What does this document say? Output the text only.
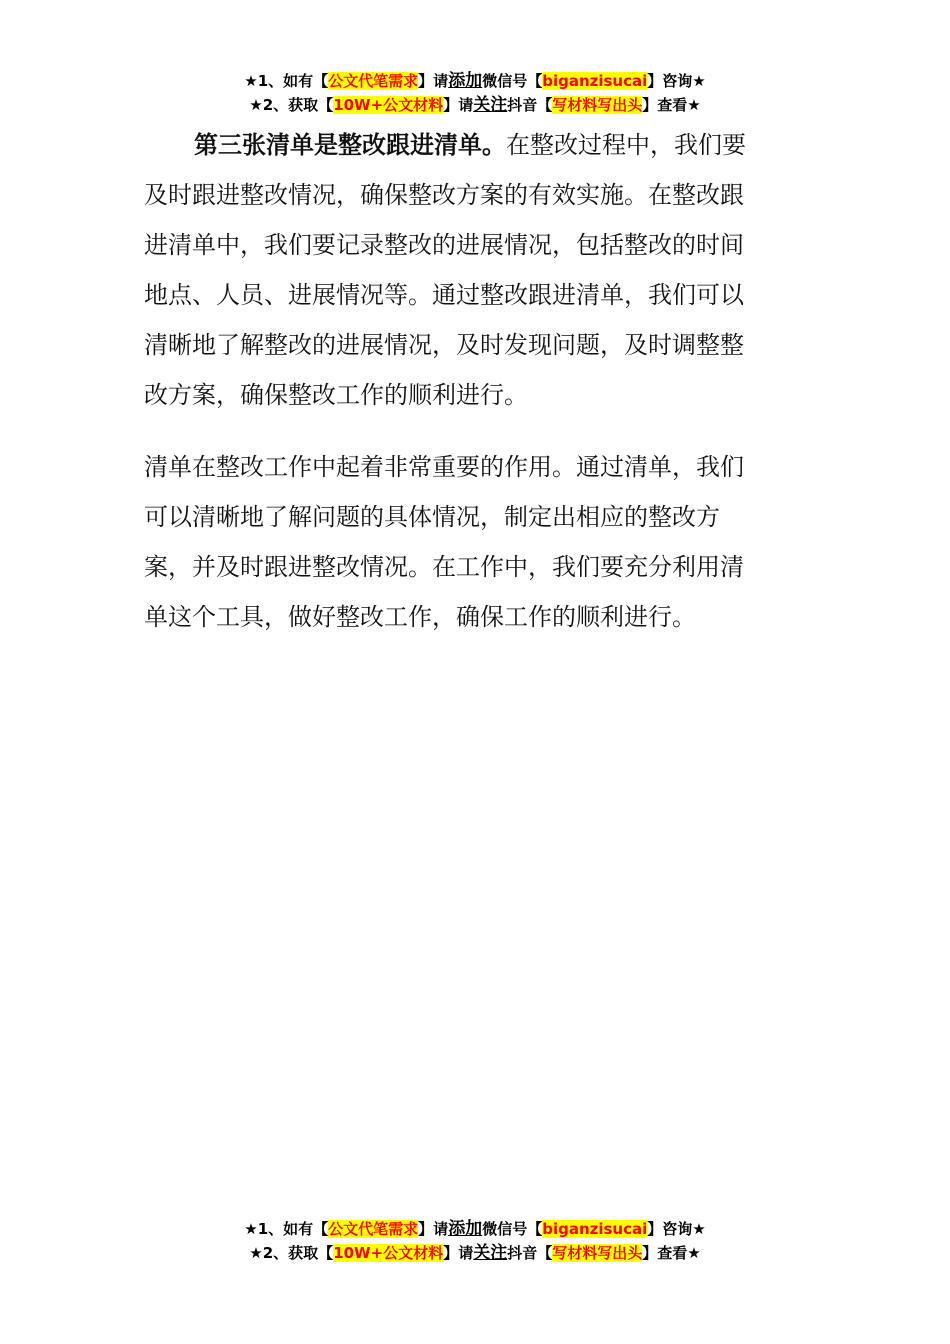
★1、如有【公文代笔需求】请添加微信号【biganzisucai】咨询★
★2、获取【10W+公文材料】请关注抖音【写材料写出头】查看★
第三张清单是整改跟进清单。在整改过程中，我们要
及时跟进整改情况，确保整改方案的有效实施。在整改跟
进清单中，我们要记录整改的进展情况，包括整改的时间
地点、人员、进展情况等。通过整改跟进清单，我们可以
清晰地了解整改的进展情况，及时发现问题，及时调整整
改方案，确保整改工作的顺利进行。
清单在整改工作中起着非常重要的作用。通过清单，我们
可以清晰地了解问题的具体情况，制定出相应的整改方
案，并及时跟进整改情况。在工作中，我们要充分利用清
单这个工具，做好整改工作，确保工作的顺利进行。
★1、如有【公文代笔需求】请添加微信号【biganzisucai】咨询★
★2、获取【10W+公文材料】请关注抖音【写材料写出头】查看★
